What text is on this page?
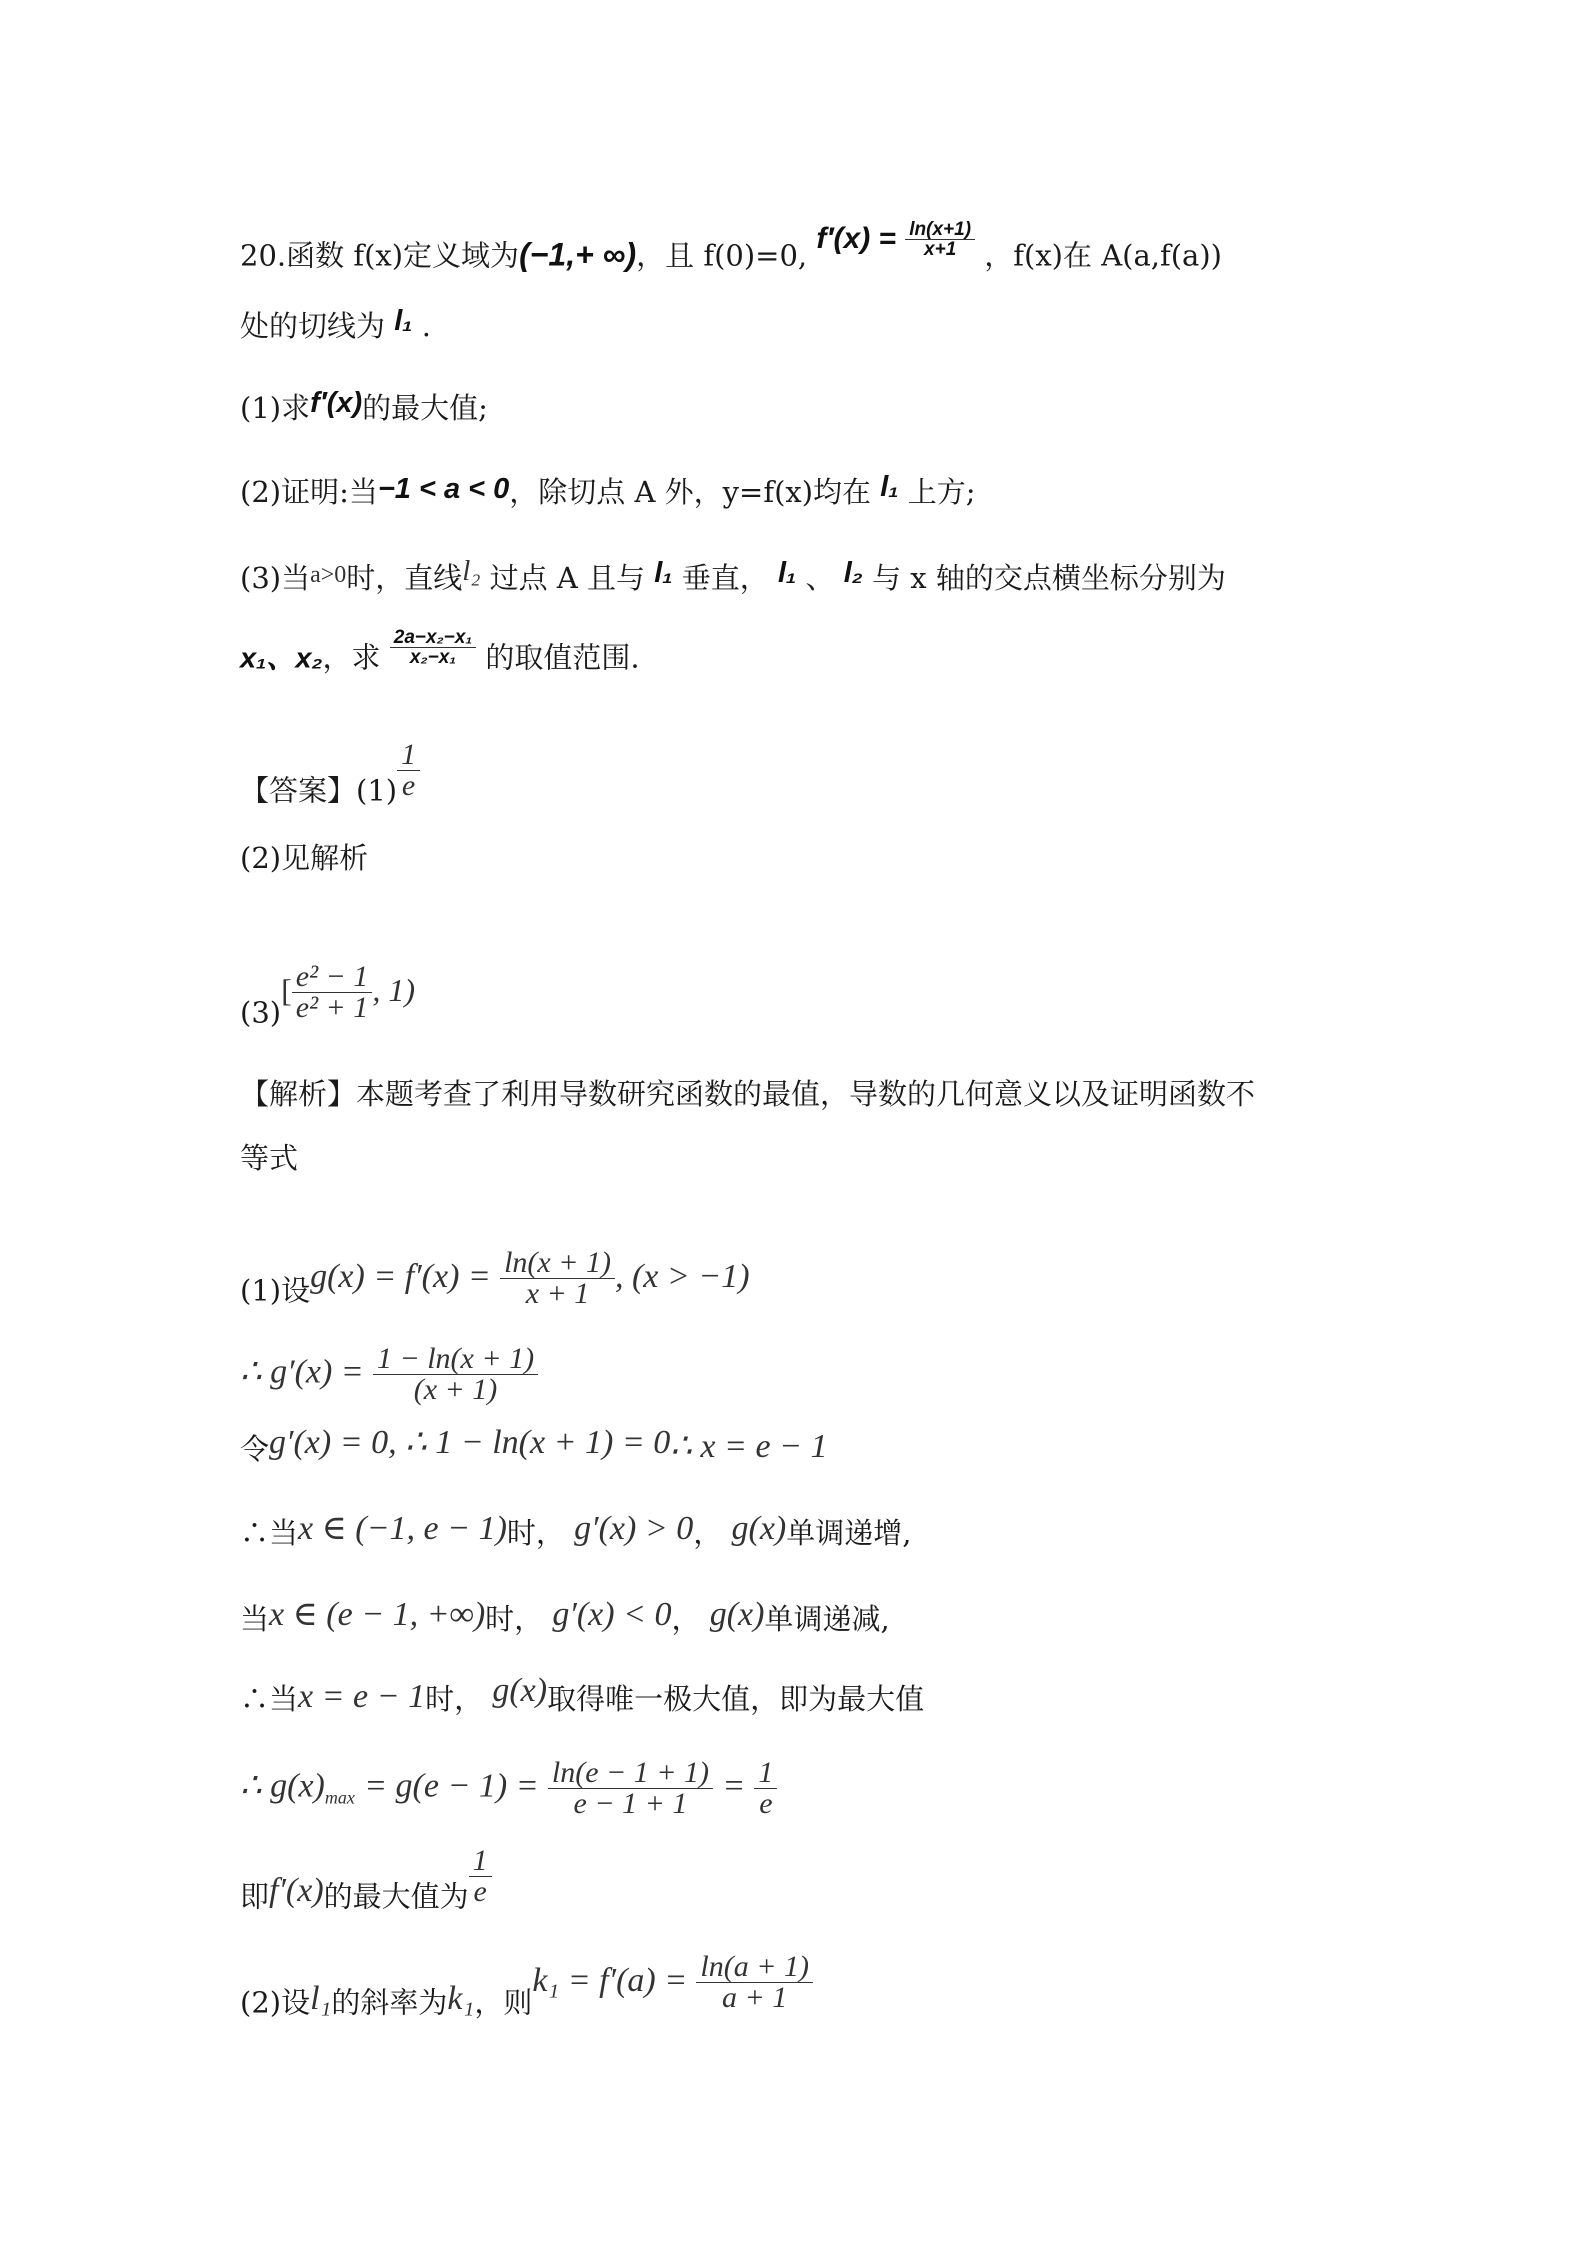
20.函数 f(x)定义域为(−1,+ ∞)，且 f(0)=0, $f'(x) = \frac{\ln(x+1)}{x+1}$ ，f(x)在 A(a,f(a))
处的切线为 l₁ .
(1)求f′(x)的最大值;
(2)证明:当−1 < a < 0，除切点 A 外，y=f(x)均在 l₁ 上方;
(3)当$^{a>0}$时，直线l₂ 过点 A 且与 l₁ 垂直， l₁ 、 l₂ 与 x 轴的交点横坐标分别为
x₁、x₂，求 $\frac{\text{2a−x₂−x₁}}{\text{x₂−x₁}}$ 的取值范围.
【答案】$(1) \frac{1}{e}$
(2)见解析
$(3)[ \frac{\text{e² − 1}}{\text{e² + 1}}$ , 1)
【解析】本题考查了利用导数研究函数的最值，导数的几何意义以及证明函数不
等式
(1)设$g(x) = f'(x) = \frac{\ln(x + 1)}{x + 1}$ , (x > −1)
∴ $g'(x) = \frac{1 - \ln(x + 1)}{(x + 1)}$
令g′(x) = 0, ∴ 1 − ln(x + 1) = 0∴ x = e − 1
∴当x ∈ (−1, e − 1)时， g′(x) > 0， g(x)单调递增,
当x ∈ (e − 1, +∞)时， g′(x) < 0， g(x)单调递减,
∴当x = e − 1时， g(x)取得唯一极大值，即为最大值
∴ $g(x)_{max} = g(e - 1) = \frac{\ln(e - 1 + 1)}{e - 1 + 1} = \frac{1}{e}$
即f′(x)的最大值为 $\frac{1}{e}$
(2)设l₁的斜率为k₁，则$k_1 = f'(a) = \frac{\ln(a + 1)}{a + 1}$
